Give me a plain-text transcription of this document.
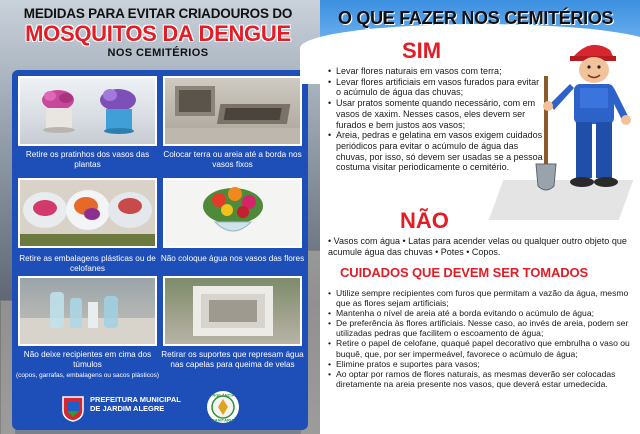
MEDIDAS PARA EVITAR CRIADOUROS DO
MOSQUITOS DA DENGUE
NOS CEMITÉRIOS
Retire os pratinhos dos vasos das plantas
Colocar terra ou areia até a borda nos vasos fixos
Retire as embalagens plásticas ou de celofanes
Não coloque água nos vasos das flores
Não deixe recipientes em cima dos túmulos
(copos, garrafas, embalagens ou sacos plásticos)
Retirar os suportes que represam água nas capelas para queima de velas
PREFEITURA MUNICIPAL
DE JARDIM ALEGRE
VIGILÂNCIA
SANITÁRIA
O QUE FAZER NOS CEMITÉRIOS
SIM
• Levar flores naturais em vasos com terra;
• Levar flores artificiais em vasos furados para evitar o acúmulo de água das chuvas;
• Usar pratos somente quando necessário, com em vasos de xaxim. Nesses casos, eles devem ser furados e bem justos aos vasos;
• Areia, pedras e gelatina em vasos exigem cuidados periódicos para evitar o acúmulo de água das chuvas, por isso, só devem ser usadas se a pessoa costuma visitar periodicamente o cemitério.
NÃO
• Vasos com água • Latas para acender velas ou qualquer outro objeto que acumule água das chuvas • Potes • Copos.
CUIDADOS QUE DEVEM SER TOMADOS
• Utilize sempre recipientes com furos que permitam a vazão da água, mesmo que as flores sejam artificiais;
• Mantenha o nível de areia até a borda evitando o acúmulo de água;
• De preferência às flores artificiais. Nesse caso, ao invés de areia, podem ser utilizadas pedras que facilitem o escoamento de água;
• Retire o papel de celofane, quaqué papel decorativo que embrulha o vaso ou buquê, que, por ser impermeável, favorece o acúmulo de água;
• Elimine pratos e suportes para vasos;
• Ao optar por ramos de flores naturais, as mesmas deverão ser colocadas diretamente na areia presente nos vasos, que deverá estar umedecida.
